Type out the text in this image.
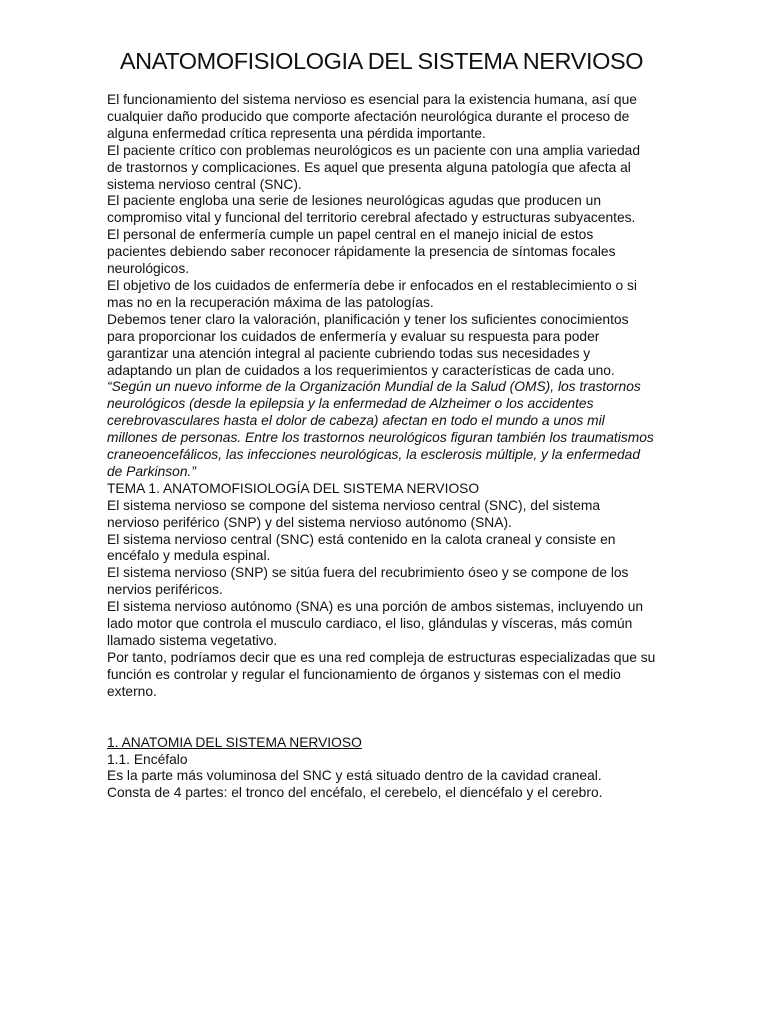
ANATOMOFISIOLOGIA DEL SISTEMA NERVIOSO

El funcionamiento del sistema nervioso es esencial para la existencia humana, así que cualquier daño producido que comporte afectación neurológica durante el proceso de alguna enfermedad crítica representa una pérdida importante.

El paciente crítico con problemas neurológicos es un paciente con una amplia variedad de trastornos y complicaciones. Es aquel que presenta alguna patología que afecta al sistema nervioso central (SNC).

El paciente engloba una serie de lesiones neurológicas agudas que producen un compromiso vital y funcional del territorio cerebral afectado y estructuras subyacentes.

El personal de enfermería cumple un papel central en el manejo inicial de estos pacientes debiendo saber reconocer rápidamente la presencia de síntomas focales neurológicos.

El objetivo de los cuidados de enfermería debe ir enfocados en el restablecimiento o si mas no en la recuperación máxima de las patologías.

Debemos tener claro la valoración, planificación y tener los suficientes conocimientos para proporcionar los cuidados de enfermería y evaluar su respuesta para poder garantizar una atención integral al paciente cubriendo todas sus necesidades y adaptando un plan de cuidados a los requerimientos y características de cada uno.

“Según un nuevo informe de la Organización Mundial de la Salud (OMS), los trastornos neurológicos (desde la epilepsia y la enfermedad de Alzheimer o los accidentes cerebrovasculares hasta el dolor de cabeza) afectan en todo el mundo a unos mil millones de personas. Entre los trastornos neurológicos figuran también los traumatismos craneoencefálicos, las infecciones neurológicas, la esclerosis múltiple, y la enfermedad de Parkinson.”

TEMA 1. ANATOMOFISIOLOGÍA DEL SISTEMA NERVIOSO

El sistema nervioso se compone del sistema nervioso central (SNC), del sistema nervioso periférico (SNP) y del sistema nervioso autónomo (SNA).

El sistema nervioso central (SNC) está contenido en la calota craneal y consiste en encéfalo y medula espinal.

El sistema nervioso (SNP) se sitúa fuera del recubrimiento óseo y se compone de los nervios periféricos.

El sistema nervioso autónomo (SNA) es una porción de ambos sistemas, incluyendo un lado motor que controla el musculo cardiaco, el liso, glándulas y vísceras, más común llamado sistema vegetativo.

Por tanto, podríamos decir que es una red compleja de estructuras especializadas que su función es controlar y regular el funcionamiento de órganos y sistemas con el medio externo.

1. ANATOMIA DEL SISTEMA NERVIOSO

1.1. Encéfalo

Es la parte más voluminosa del SNC y está situado dentro de la cavidad craneal.

Consta de 4 partes: el tronco del encéfalo, el cerebelo, el diencéfalo y el cerebro.
